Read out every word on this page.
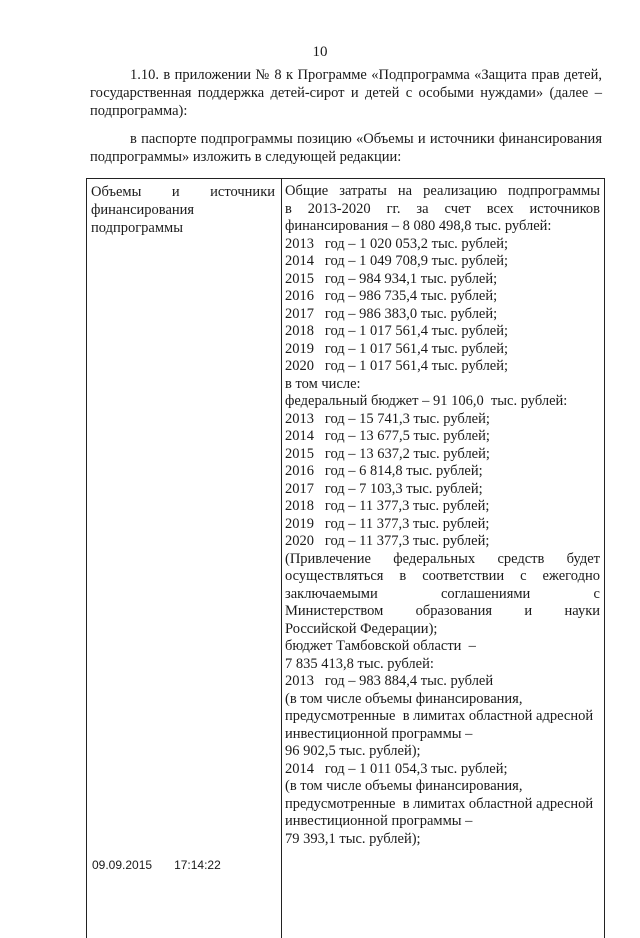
10
1.10. в приложении № 8 к Программе «Подпрограмма «Защита прав детей, государственная поддержка детей-сирот и детей с особыми нуждами» (далее – подпрограмма):
в паспорте подпрограммы позицию «Объемы и источники финансирования подпрограммы» изложить в следующей редакции:
Объемы и источники финансирования подпрограммы
Общие затраты на реализацию подпрограммы
в 2013-2020 гг. за счет всех источников
финансирования – 8 080 498,8 тыс. рублей:
2013   год – 1 020 053,2 тыс. рублей;
2014   год – 1 049 708,9 тыс. рублей;
2015   год – 984 934,1 тыс. рублей;
2016   год – 986 735,4 тыс. рублей;
2017   год – 986 383,0 тыс. рублей;
2018   год – 1 017 561,4 тыс. рублей;
2019   год – 1 017 561,4 тыс. рублей;
2020   год – 1 017 561,4 тыс. рублей;
в том числе:
федеральный бюджет – 91 106,0  тыс. рублей:
2013   год – 15 741,3 тыс. рублей;
2014   год – 13 677,5 тыс. рублей;
2015   год – 13 637,2 тыс. рублей;
2016   год – 6 814,8 тыс. рублей;
2017   год – 7 103,3 тыс. рублей;
2018   год – 11 377,3 тыс. рублей;
2019   год – 11 377,3 тыс. рублей;
2020   год – 11 377,3 тыс. рублей;
(Привлечение федеральных средств будет
осуществляться в соответствии с ежегодно
заключаемыми соглашениями с
Министерством образования и науки
Российской Федерации);
бюджет Тамбовской области  –
7 835 413,8 тыс. рублей:
2013   год – 983 884,4 тыс. рублей
(в том числе объемы финансирования,
предусмотренные  в лимитах областной адресной
инвестиционной программы –
96 902,5 тыс. рублей);
2014   год – 1 011 054,3 тыс. рублей;
(в том числе объемы финансирования,
предусмотренные  в лимитах областной адресной
инвестиционной программы –
79 393,1 тыс. рублей);
09.09.2015 17:14:22
